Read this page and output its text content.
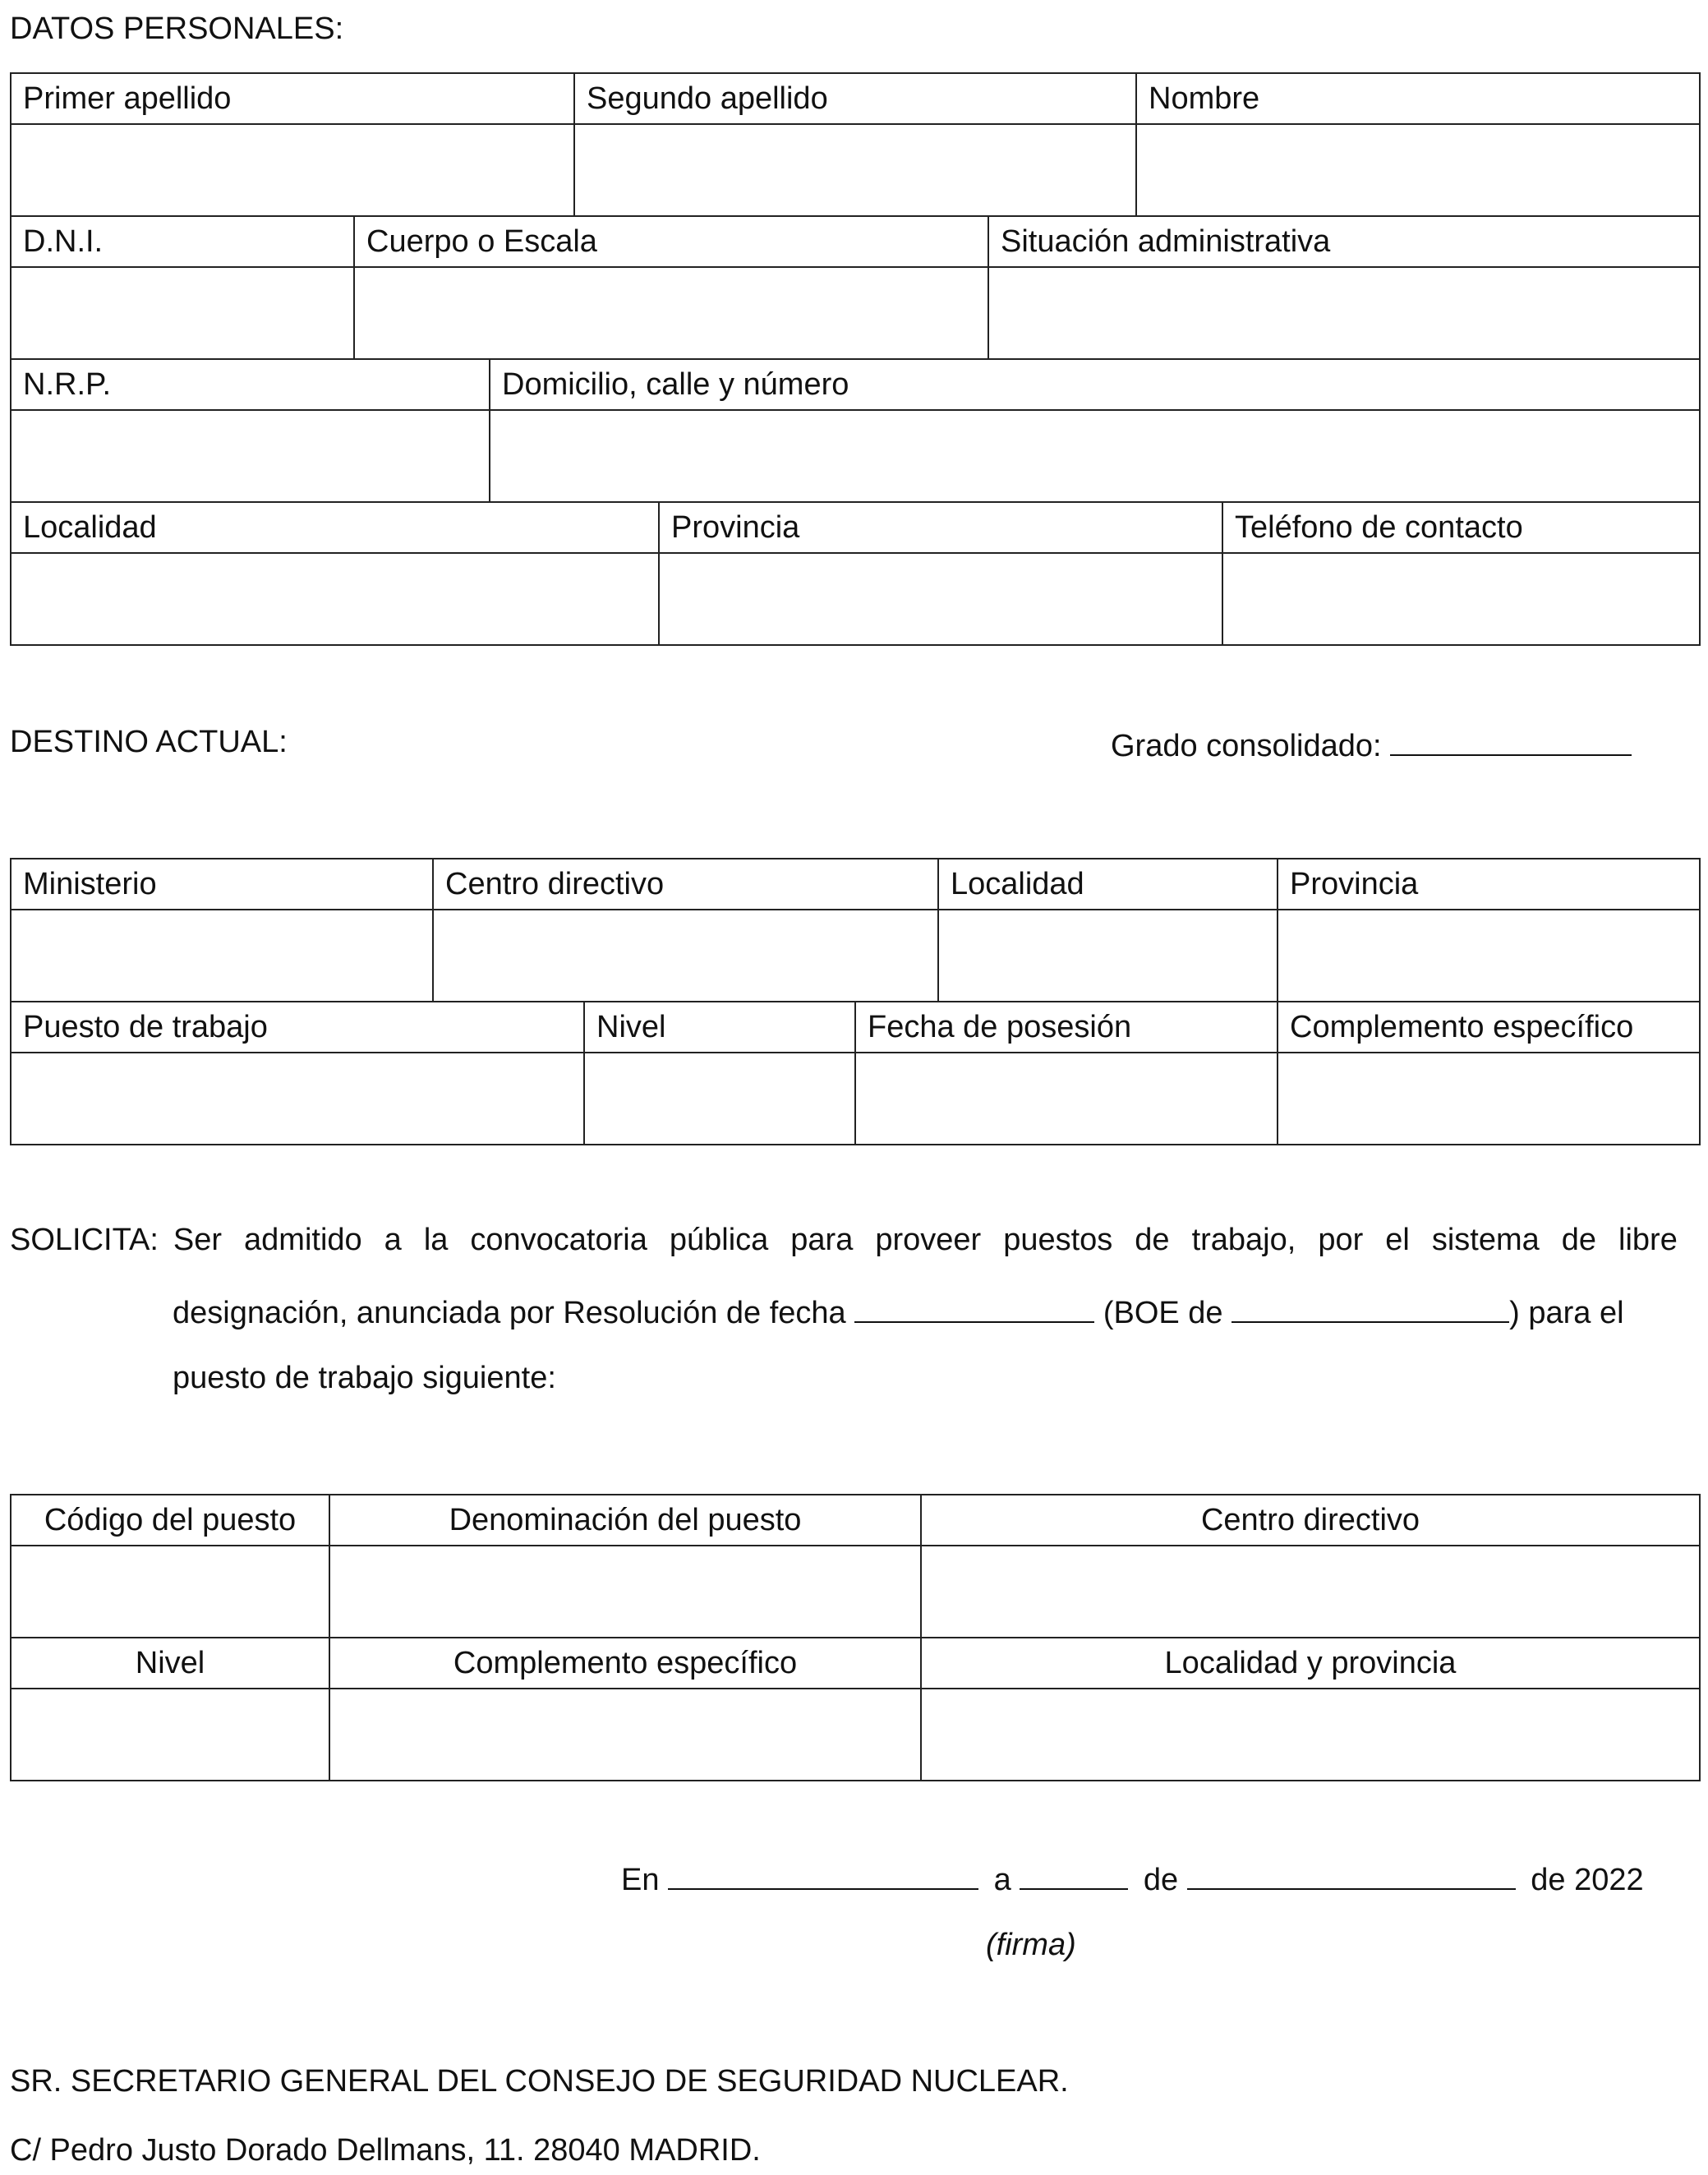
DATOS PERSONALES:
Primer apellido	Segundo apellido	Nombre

D.N.I.	Cuerpo o Escala	Situación administrativa

N.R.P.	Domicilio, calle y número

Localidad	Provincia	Teléfono de contacto

DESTINO ACTUAL:	Grado consolidado:
Ministerio	Centro directivo	Localidad	Provincia

Puesto de trabajo	Nivel	Fecha de posesión	Complemento específico

SOLICITA: Ser admitido a la convocatoria pública para proveer puestos de trabajo, por el sistema de libre
designación, anunciada por Resolución de fecha	(BOE de	) para el
puesto de trabajo siguiente:
Código del puesto	Denominación del puesto	Centro directivo

Nivel	Complemento específico	Localidad y provincia

En	a	de	de 2022
(firma)
SR. SECRETARIO GENERAL DEL CONSEJO DE SEGURIDAD NUCLEAR.
C/ Pedro Justo Dorado Dellmans, 11. 28040 MADRID.
